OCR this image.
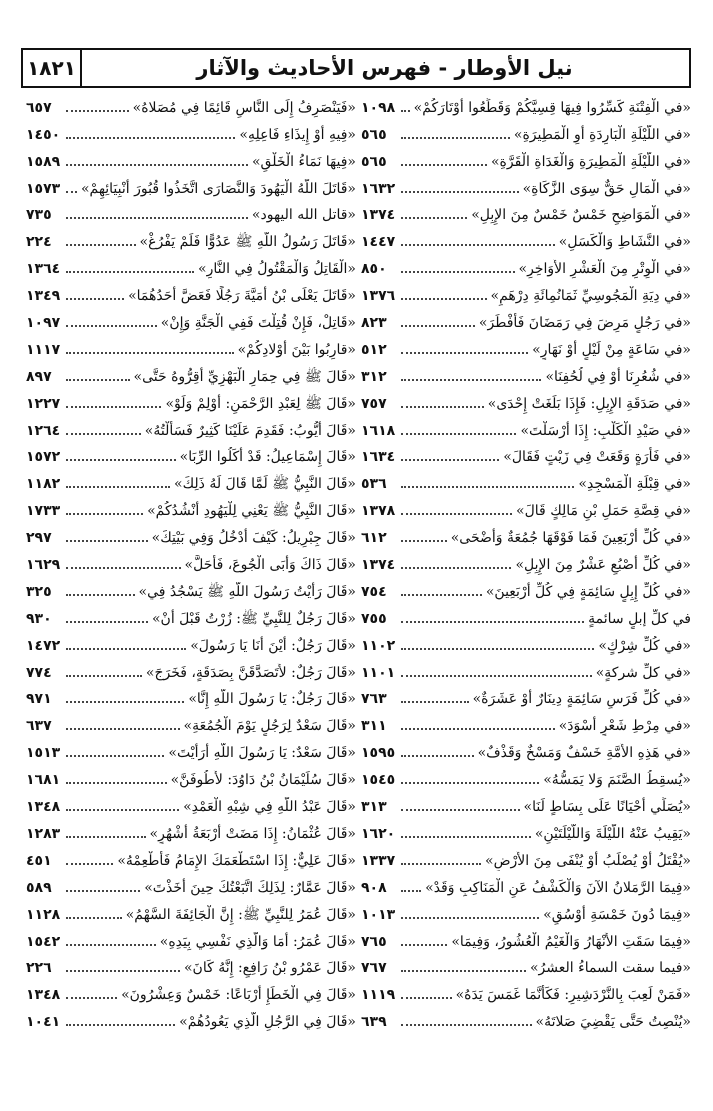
١٨٢١	نيل الأوطار - فهرس الأحاديث والآثار
«في الْفِتْنَةِ كَسِّرُوا فِيهَا قِسِيَّكُمْ وَقَطِّعُوا أَوْتَارَكُمْ»
١٠٩٨
«في اللَّيْلَةِ الْبَارِدَةِ أَوِ الْمَطِيرَةِ»
٥٦٥
«في اللَّيْلَةِ الْمَطِيرَةِ وَالْغَدَاةِ الْقَرَّةِ»
٥٦٥
«في الْمَالِ حَقٌّ سِوَى الزَّكَاةِ»
١٦٣٢
«في الْمَوَاضِحِ خَمْسٌ خَمْسٌ مِنَ الإِبِلِ»
١٣٧٤
«في النَّشَاطِ وَالْكَسَلِ»
١٤٤٧
«في الْوِتْرِ مِنَ الْعَشْرِ الأَوَاخِرِ»
٨٥٠
«في دِيَةِ الْمَجُوسِيِّ ثَمَانُمِائَةِ دِرْهَمٍ»
١٣٧٦
«في رَجُلٍ مَرِضَ فِي رَمَضَانَ فَأَفْطَرَ»
٨٢٣
«في سَاعَةٍ مِنْ لَيْلٍ أَوْ نَهَارٍ»
٥١٢
«في شُعُرِنَا أَوْ فِي لُحُفِنَا»
٣١٢
«في صَدَقَةِ الإِبِلِ: فَإِذَا بَلَغَتْ إِحْدَى»
٧٥٧
«في صَيْدِ الْكَلْبِ: إِذَا أَرْسَلْتَ»
١٦١٨
«في فَأْرَةٍ وَقَعَتْ فِي زَيْتٍ فَقَالَ»
١٦٣٤
«في قِبْلَةِ الْمَسْجِدِ»
٥٣٦
«في قِصَّةِ حَمَلِ بْنِ مَالِكٍ قَالَ»
١٣٧٨
«في كُلِّ أَرْبَعِينَ فَمَا فَوْقَهَا جُمُعَةٌ وَأَضْحَى»
٦١٢
«في كُلِّ أُصْبُعٍ عَشْرٌ مِنَ الإِبِلِ»
١٣٧٤
«في كُلِّ إِبِلٍ سَائِمَةٍ فِي كُلِّ أَرْبَعِينَ»
٧٥٤
في كلِّ إبلٍ سائمةٍ
٧٥٥
«في كُلِّ شِرْكٍ»
١١٠٢
«في كلِّ شركةٍ»
١١٠١
«في كُلِّ فَرَسٍ سَائِمَةٍ دِينَارٌ أَوْ عَشَرَةٌ»
٧٦٣
«في مِرْطِ شَعْرٍ أَسْوَدَ»
٣١١
«في هَذِهِ الأُمَّةِ خَسْفٌ وَمَسْخٌ وَقَذْفٌ»
١٥٩٥
«يُسقِطُ الصَّنَمَ وَلا يَمَسُّهُ»
١٥٤٥
«يُصَلِّي أَحْيَانًا عَلَى بِسَاطٍ لَنَا»
٣١٣
«يَقِيبُ عَنْهُ اللَّيْلَةَ وَاللَّيْلَتَيْنِ»
١٦٢٠
«يُقْتَلُ أَوْ يُصْلَبُ أَوْ يُنْفَى مِنَ الأَرْضِ»
١٣٣٧
«فِيمَا الرَّمَلانُ الآنَ وَالْكَشْفُ عَنِ الْمَنَاكِبِ وَقَدْ»
٩٠٨
«فِيمَا دُونَ خَمْسَةِ أَوْسُقٍ»
١٠١٣
«فِيمَا سَقَتِ الأَنْهَارُ وَالْغَيْمُ الْعُشُورُ، وَفِيمَا»
٧٦٥
«فيما سقت السماءُ العشرُ»
٧٦٧
«فَمَنْ لَعِبَ بِالنَّرْدَشِيرِ: فَكَأَنَّمَا غَمَسَ يَدَهُ»
١١١٩
«يُنْصِتُ حَتَّى يَقْضِيَ صَلاتَهُ»
٦٣٩
«فَيَنْصَرِفُ إِلَى النَّاسِ قَائِمًا فِي مُصَلاهُ»
٦٥٧
«فِيهِ أَوْ إِيذَاءِ فَاعِلِهِ»
١٤٥٠
«فِيهَا نَمَاءُ الْخَلْقِ»
١٥٨٩
«قَاتَلَ اللَّهُ الْيَهُودَ وَالنَّصَارَى اتَّخَذُوا قُبُورَ أَنْبِيَائِهِمْ»
١٥٧٣
«قاتل الله اليهود»
٧٣٥
«قَاتَلَ رَسُولُ اللَّهِ ﷺ عَدُوًّا فَلَمْ يَفْرُغْ»
٢٢٤
«الْقَاتِلُ وَالْمَقْتُولُ فِي النَّارِ»
١٣٦٤
«قَاتَلَ يَعْلَى بْنُ أُمَيَّةَ رَجُلًا فَعَضَّ أَحَدُهُمَا»
١٣٤٩
«قَاتِلْ، فَإِنْ قُتِلْتَ فَفِي الْجَنَّةِ وَإِنْ»
١٠٩٧
«قارِبُوا بَيْنَ أَوْلادِكُمْ»
١١١٧
«قَالَ ﷺ فِي حِمَارِ الْبَهْزِيِّ أَقِرُّوهُ حَتَّى»
٨٩٧
«قَالَ ﷺ لِعَبْدِ الرَّحْمَنِ: أَوْلِمْ وَلَوْ»
١٢٢٧
«قَالَ أَيُّوبُ: فَقَدِمَ عَلَيْنَا كَثِيرٌ فَسَأَلْتُهُ»
١٢٦٤
«قَالَ إِسْمَاعِيلُ: قَدْ أَكَلُوا الرِّبَا»
١٥٧٢
«قَالَ النَّبِيُّ ﷺ لَمَّا قَالَ لَهُ ذَلِكَ»
١١٨٢
«قَالَ النَّبِيُّ ﷺ يَعْنِي لِلْيَهُودِ أَنْشُدُكُمْ»
١٧٣٣
«قَالَ جِبْرِيلُ: كَيْفَ أَدْخُلُ وَفِي بَيْتِكَ»
٢٩٧
«قَالَ ذَاكَ وَأَبَى الْجُوعَ، فَأَحَلَّ»
١٦٢٩
«قَالَ رَأَيْتُ رَسُولَ اللَّهِ ﷺ يَسْجُدُ فِي»
٣٢٥
«قَالَ رَجُلٌ لِلنَّبِيِّ ﷺ: زُرْتُ قَبْلَ أَنْ»
٩٣٠
«قَالَ رَجُلٌ: أَيْنَ أَنَا يَا رَسُولَ»
١٤٧٢
«قَالَ رَجُلٌ: لأَتَصَدَّقَنَّ بِصَدَقَةٍ، فَخَرَجَ»
٧٧٤
«قَالَ رَجُلٌ: يَا رَسُولَ اللَّهِ إِنَّا»
٩٧١
«قَالَ سَعْدٌ لِرَجُلٍ يَوْمَ الْجُمُعَةِ»
٦٣٧
«قَالَ سَعْدٌ: يَا رَسُولَ اللَّهِ أَرَأَيْتَ»
١٥١٣
«قَالَ سُلَيْمَانُ بْنُ دَاوُدَ: لأَطُوفَنَّ»
١٦٨١
«قَالَ عَبْدُ اللَّهِ فِي شِبْهِ الْعَمْدِ»
١٣٤٨
«قَالَ عُثْمَانُ: إِذَا مَضَتْ أَرْبَعَةُ أَشْهُرٍ»
١٢٨٣
«قَالَ عَلِيٌّ: إِذَا اسْتَطْعَمَكَ الإِمَامُ فَأَطْعِمْهُ»
٤٥١
«قَالَ عَمَّارٌ: لِذَلِكَ اتَّبَعْتُكَ حِينَ أَخَذْتَ»
٥٨٩
«قَالَ عُمَرُ لِلنَّبِيِّ ﷺ: إِنَّ الْجَائِفَةَ السَّهْمُ»
١١٢٨
«قَالَ عُمَرُ: أَمَا وَالَّذِي نَفْسِي بِيَدِهِ»
١٥٤٢
«قَالَ عَمْرُو بْنُ رَافِعٍ: إِنَّهُ كَانَ»
٢٢٦
«قَالَ فِي الْخَطَإِ أَرْبَاعًا: خَمْسٌ وَعِشْرُونَ»
١٣٤٨
«قَالَ فِي الرَّجُلِ الَّذِي يَعُودُهُمْ»
١٠٤١
